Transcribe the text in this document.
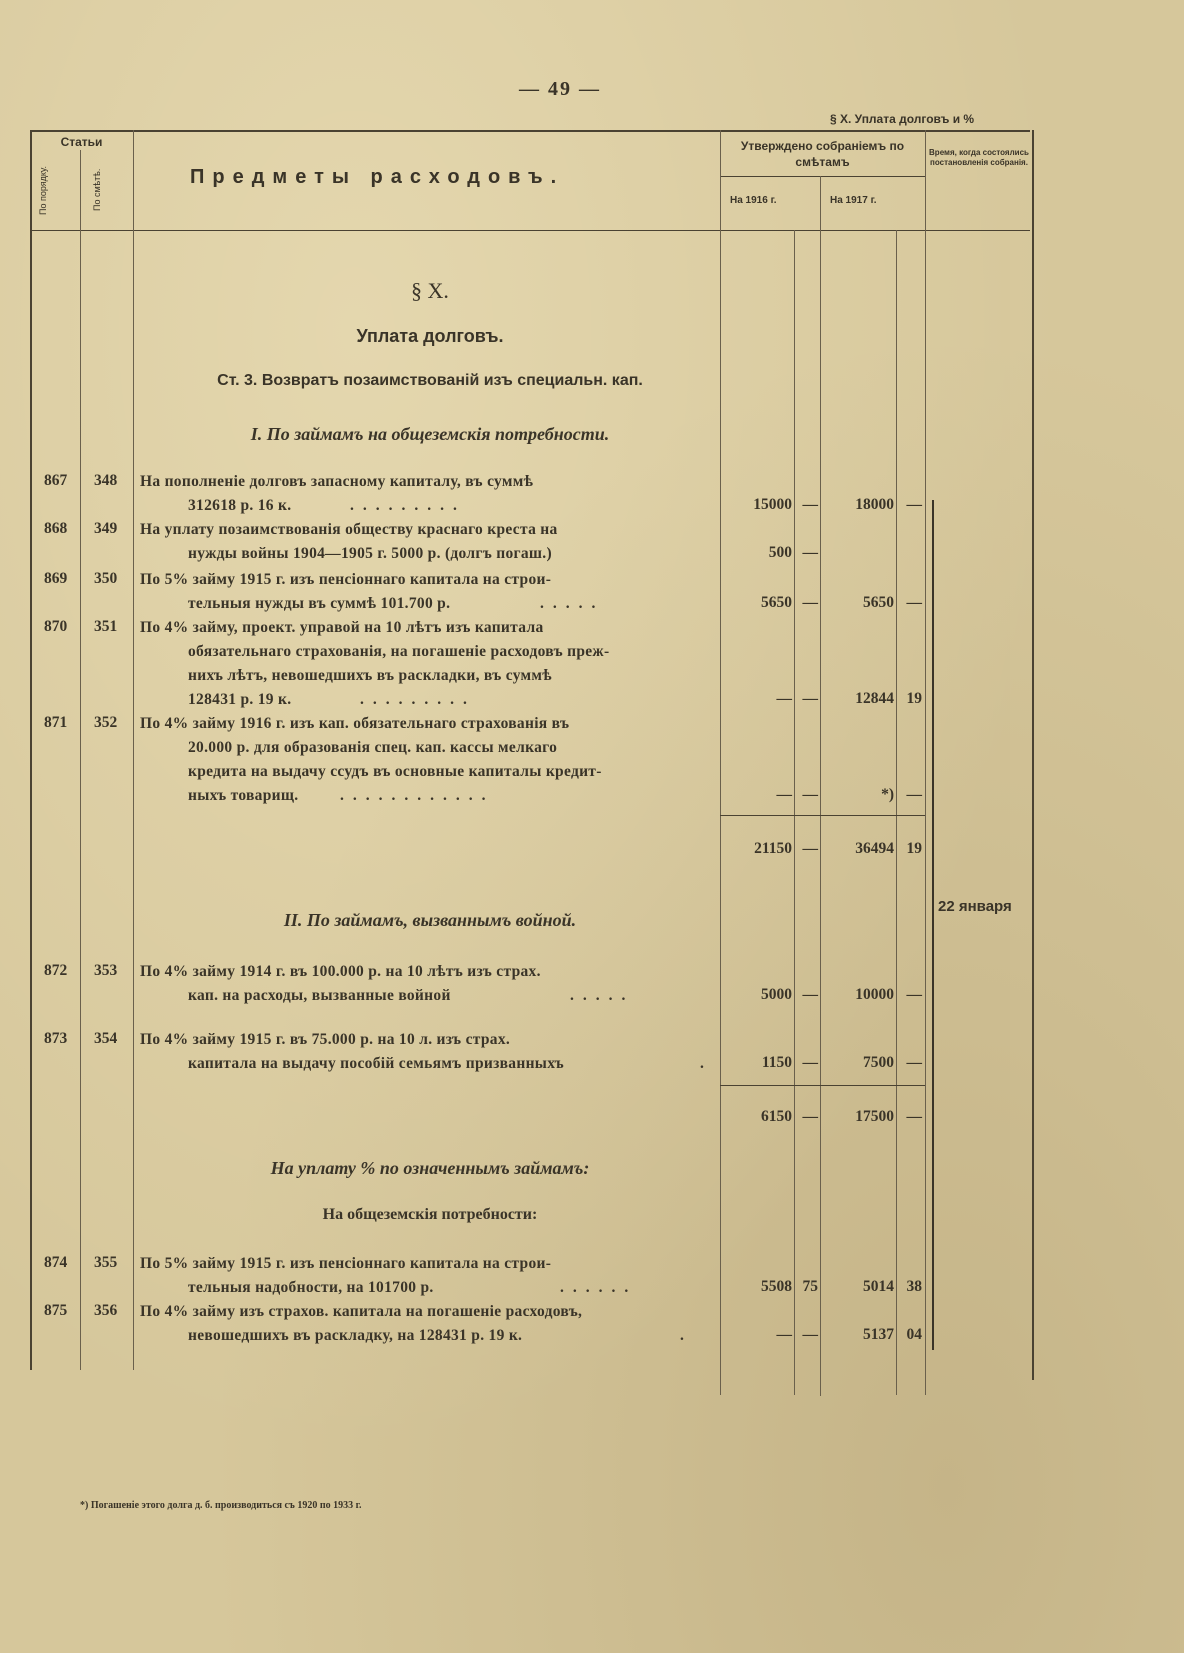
— 49 —
§ X. Уплата долговъ и %
Статьи
По порядку.	По смѣтѣ.	Предметы расходовъ.
Утверждено собраніемъ по смѣтамъ
На 1916 г.	На 1917 г.
Время, когда состоялись постановленія собранія.
§ X.
Уплата долговъ.
Ст. 3. Возвратъ позаимствованій изъ специальн. кап.
I. По займамъ на общеземскія потребности.
867 348 На пополненіе долговъ запасному капиталу, въ суммѣ
312618 р. 16 к.	.........	15000 —	18000 —
868 349 На уплату позаимствованія обществу краснаго креста на
нужды войны 1904—1905 г. 5000 р. (долгъ погаш.)	500 —
869 350 По 5% займу 1915 г. изъ пенсіоннаго капитала на строи-
тельныя нужды въ суммѣ 101.700 р.	.....	5650 —	5650 —
870 351 По 4% займу, проект. управой на 10 лѣтъ изъ капитала
обязательнаго страхованія, на погашеніе расходовъ преж-
нихъ лѣтъ, невошедшихъ въ раскладки, въ суммѣ
128431 р. 19 к.	.........	— —	12844 19
871 352 По 4% займу 1916 г. изъ кап. обязательнаго страхованія въ
20.000 р. для образованія спец. кап. кассы мелкаго
кредита на выдачу ссудъ въ основные капиталы кредит-
ныхъ товарищ.	............	— —	*) —
21150 —	36494 19
22 января
II. По займамъ, вызваннымъ войной.
872 353 По 4% займу 1914 г. въ 100.000 р. на 10 лѣтъ изъ страх.
кап. на расходы, вызванные войной	.....	5000 —	10000 —
873 354 По 4% займу 1915 г. въ 75.000 р. на 10 л. изъ страх.
капитала на выдачу пособій семьямъ призванныхъ	.	1150 —	7500 —
6150 —	17500 —
На уплату % по означеннымъ займамъ:
На общеземскія потребности:
874 355 По 5% займу 1915 г. изъ пенсіоннаго капитала на строи-
тельныя надобности, на 101700 р.	......	5508 75	5014 38
875 356 По 4% займу изъ страхов. капитала на погашеніе расходовъ,
невошедшихъ въ раскладку, на 128431 р. 19 к.	.	— —	5137 04
*) Погашеніе этого долга д. б. производиться съ 1920 по 1933 г.
